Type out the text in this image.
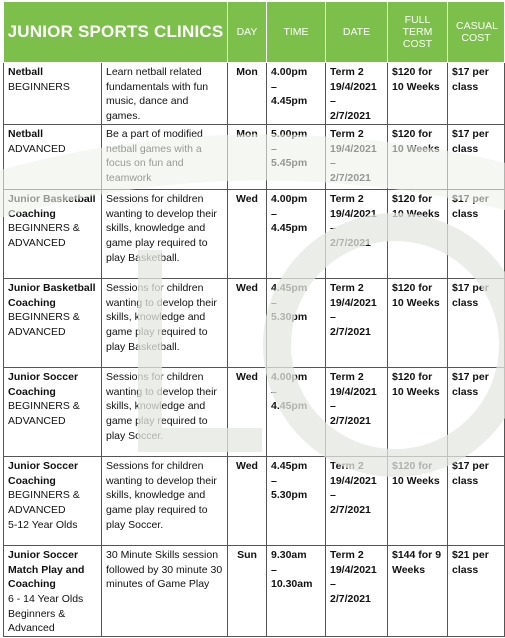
JUNIOR SPORTS CLINICS		DAY	TIME	DATE	FULL TERM COST	CASUAL COST
Netball
BEGINNERS	Learn netball related fundamentals with fun music, dance and games.	Mon	4.00pm
–
4.45pm	Term 2
19/4/2021
–
2/7/2021	$120 for 10 Weeks	$17 per class
Netball
ADVANCED	Be a part of modified netball games with a focus on fun and teamwork	Mon	5.00pm
–
5.45pm	Term 2
19/4/2021
–
2/7/2021	$120 for 10 Weeks	$17 per class
Junior Basketball Coaching
BEGINNERS &
ADVANCED	Sessions for children wanting to develop their skills, knowledge and game play required to play Basketball.	Wed	4.00pm
–
4.45pm	Term 2
19/4/2021
–
2/7/2021	$120 for 10 Weeks	$17 per class
Junior Basketball Coaching
BEGINNERS &
ADVANCED	Sessions for children wanting to develop their skills, knowledge and game play required to play Basketball.	Wed	4.45pm
–
5.30pm	Term 2
19/4/2021
–
2/7/2021	$120 for 10 Weeks	$17 per class
Junior Soccer Coaching
BEGINNERS &
ADVANCED	Sessions for children wanting to develop their skills, knowledge and game play required to play Soccer.	Wed	4.00pm
–
4.45pm	Term 2
19/4/2021
–
2/7/2021	$120 for 10 Weeks	$17 per class
Junior Soccer Coaching
BEGINNERS &
ADVANCED
5-12 Year Olds	Sessions for children wanting to develop their skills, knowledge and game play required to play Soccer.	Wed	4.45pm
–
5.30pm	Term 2
19/4/2021
–
2/7/2021	$120 for 10 Weeks	$17 per class
Junior Soccer Match Play and Coaching
6 - 14 Year Olds
Beginners &
Advanced	30 Minute Skills session followed by 30 minute 30 minutes of Game Play	Sun	9.30am
–
10.30am	Term 2
19/4/2021
–
2/7/2021	$144 for 9 Weeks	$21 per class
